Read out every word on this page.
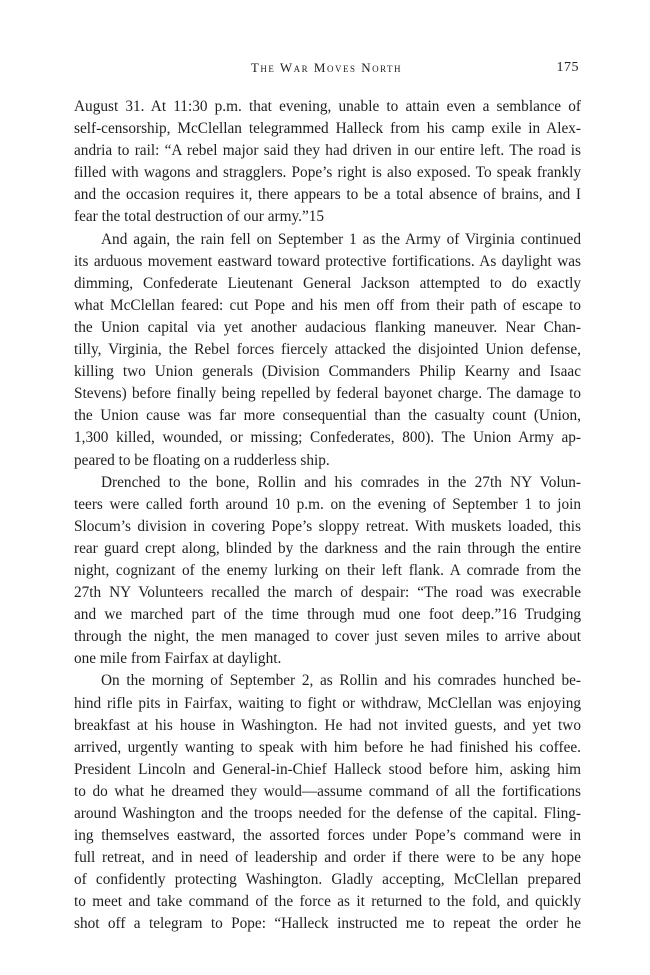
The War Moves North	175
August 31. At 11:30 p.m. that evening, unable to attain even a semblance of
self-censorship, McClellan telegrammed Halleck from his camp exile in Alex-
andria to rail: “A rebel major said they had driven in our entire left. The road is
filled with wagons and stragglers. Pope’s right is also exposed. To speak frankly
and the occasion requires it, there appears to be a total absence of brains, and I
fear the total destruction of our army.”15
And again, the rain fell on September 1 as the Army of Virginia continued
its arduous movement eastward toward protective fortifications. As daylight was
dimming, Confederate Lieutenant General Jackson attempted to do exactly
what McClellan feared: cut Pope and his men off from their path of escape to
the Union capital via yet another audacious flanking maneuver. Near Chan-
tilly, Virginia, the Rebel forces fiercely attacked the disjointed Union defense,
killing two Union generals (Division Commanders Philip Kearny and Isaac
Stevens) before finally being repelled by federal bayonet charge. The damage to
the Union cause was far more consequential than the casualty count (Union,
1,300 killed, wounded, or missing; Confederates, 800). The Union Army ap-
peared to be floating on a rudderless ship.
Drenched to the bone, Rollin and his comrades in the 27th NY Volun-
teers were called forth around 10 p.m. on the evening of September 1 to join
Slocum’s division in covering Pope’s sloppy retreat. With muskets loaded, this
rear guard crept along, blinded by the darkness and the rain through the entire
night, cognizant of the enemy lurking on their left flank. A comrade from the
27th NY Volunteers recalled the march of despair: “The road was execrable
and we marched part of the time through mud one foot deep.”16 Trudging
through the night, the men managed to cover just seven miles to arrive about
one mile from Fairfax at daylight.
On the morning of September 2, as Rollin and his comrades hunched be-
hind rifle pits in Fairfax, waiting to fight or withdraw, McClellan was enjoying
breakfast at his house in Washington. He had not invited guests, and yet two
arrived, urgently wanting to speak with him before he had finished his coffee.
President Lincoln and General-in-Chief Halleck stood before him, asking him
to do what he dreamed they would—assume command of all the fortifications
around Washington and the troops needed for the defense of the capital. Fling-
ing themselves eastward, the assorted forces under Pope’s command were in
full retreat, and in need of leadership and order if there were to be any hope
of confidently protecting Washington. Gladly accepting, McClellan prepared
to meet and take command of the force as it returned to the fold, and quickly
shot off a telegram to Pope: “Halleck instructed me to repeat the order he
